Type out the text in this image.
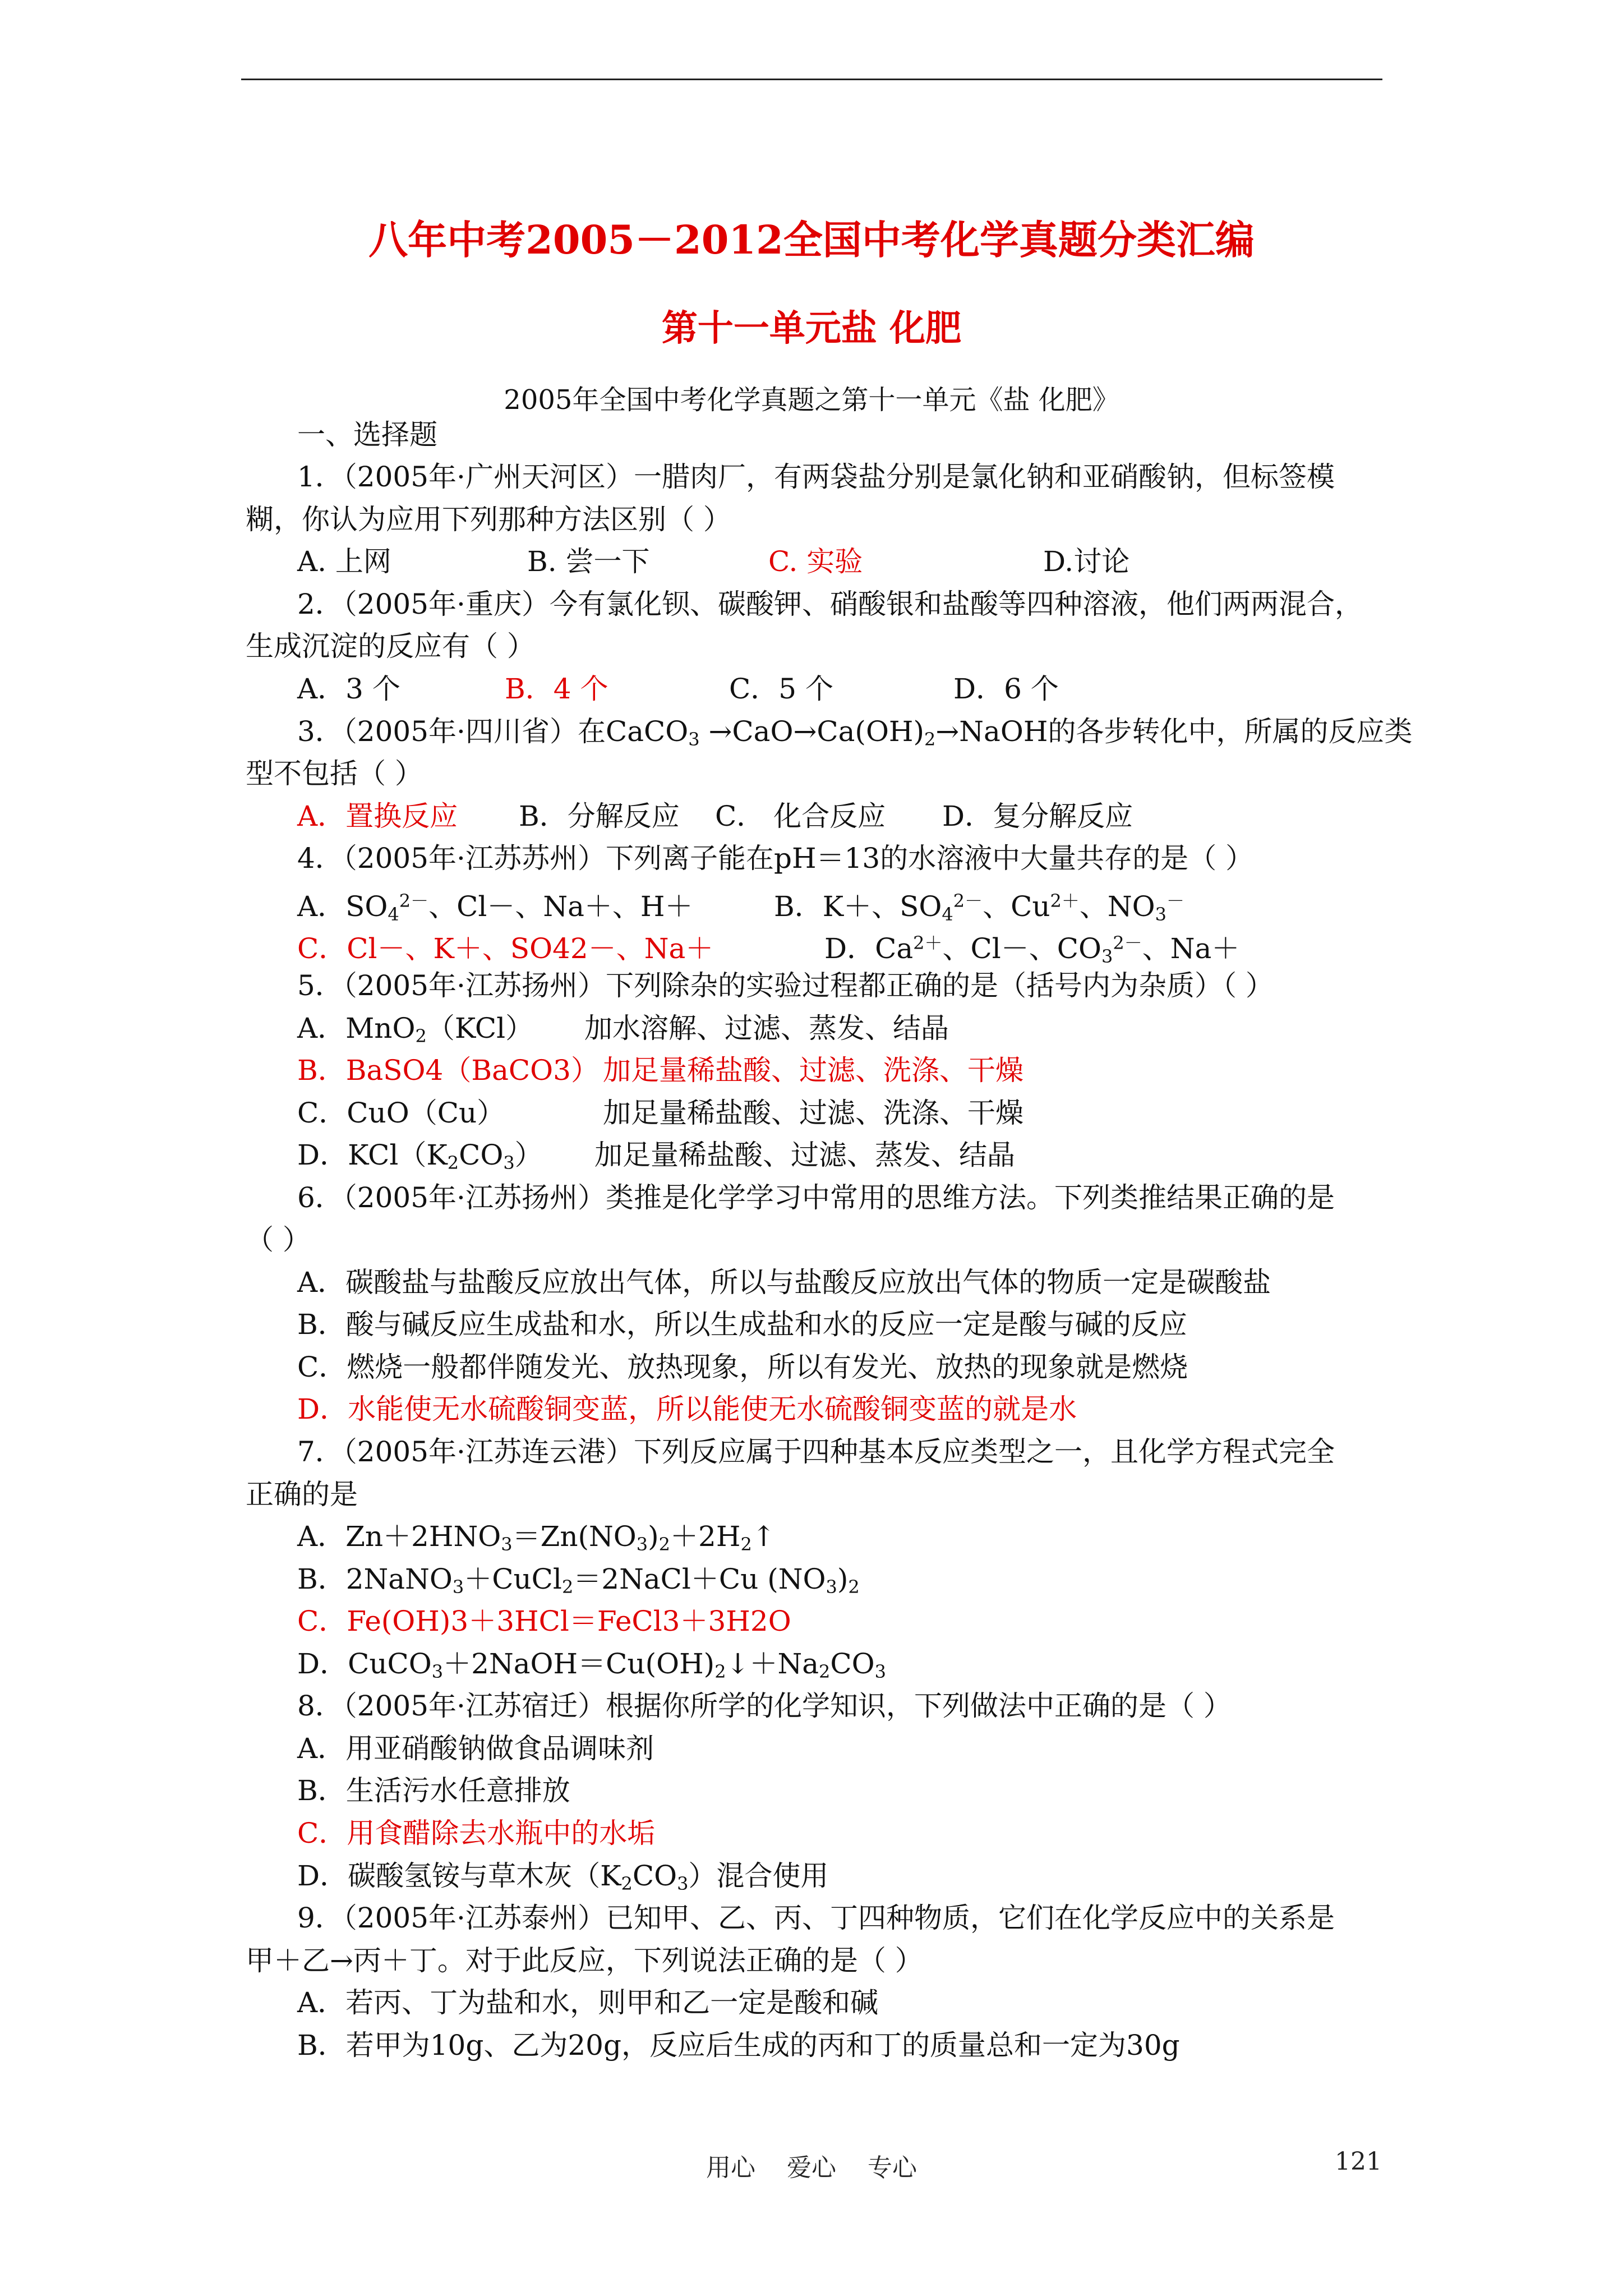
八年中考2005－2012全国中考化学真题分类汇编
第十一单元盐 化肥
2005年全国中考化学真题之第十一单元《盐 化肥》
一、选择题
1．（2005年·广州天河区）一腊肉厂，有两袋盐分别是氯化钠和亚硝酸钠，但标签模
糊，你认为应用下列那种方法区别（ ）
A. 上网	B. 尝一下	C. 实验	D.讨论
2．（2005年·重庆）今有氯化钡、碳酸钾、硝酸银和盐酸等四种溶液，他们两两混合，
生成沉淀的反应有（ ）
A．3 个	B．4 个	C．5 个	D．6 个
3．（2005年·四川省）在CaCO$_3$ $\to CaO\to Ca(OH)_2\to NaOH$的各步转化中，所属的反应类
型不包括（ ）
A．置换反应 B．分解反应 C． 化合反应 D．复分解反应
4．（2005年·江苏苏州）下列离子能在pH＝13的水溶液中大量共存的是（ ）
A．$SO_4^{2-}$、Cl－、Na＋、H＋	B．K＋、$SO_4^{2-}$、$Cu^{2+}$、$NO_3^-$
C．Cl－、K＋、SO42－、Na＋	D．$Ca^{2+}$、Cl－、$CO_3^{2-}$、Na＋
5．（2005年·江苏扬州）下列除杂的实验过程都正确的是（括号内为杂质）（ ）
A．MnO$_2$（KCl） 加水溶解、过滤、蒸发、结晶
B．BaSO4（BaCO3） 加足量稀盐酸、过滤、洗涤、干燥
C．CuO（Cu）	加足量稀盐酸、过滤、洗涤、干燥
D．$KCl(K_2CO_3)$ 加足量稀盐酸、过滤、蒸发、结晶
6．（2005年·江苏扬州）类推是化学学习中常用的思维方法。下列类推结果正确的是
（ ）
A．碳酸盐与盐酸反应放出气体，所以与盐酸反应放出气体的物质一定是碳酸盐
B．酸与碱反应生成盐和水，所以生成盐和水的反应一定是酸与碱的反应
C．燃烧一般都伴随发光、放热现象，所以有发光、放热的现象就是燃烧
D．水能使无水硫酸铜变蓝，所以能使无水硫酸铜变蓝的就是水
7．（2005年·江苏连云港）下列反应属于四种基本反应类型之一，且化学方程式完全
正确的是
A．$Zn+2HNO_3=Zn(NO_3)_2+2H_2↑$
B．2NaNO$_3$＋CuCl$_2$＝2NaCl＋Cu $(NO_3)_2$
C．Fe(OH)3＋3HCl＝FeCl3＋3H2O
D．$CuCO_3+2NaOH=Cu(OH)_2↓+Na_2CO_3$
8．（2005年·江苏宿迁）根据你所学的化学知识，下列做法中正确的是（ ）
A．用亚硝酸钠做食品调味剂
B．生活污水任意排放
C．用食醋除去水瓶中的水垢
D．碳酸氢铵与草木灰$(K_2CO_3)$混合使用
9．（2005年·江苏泰州）已知甲、乙、丙、丁四种物质，它们在化学反应中的关系是
甲＋乙→丙＋丁。对于此反应，下列说法正确的是（ ）
A．若丙、丁为盐和水，则甲和乙一定是酸和碱
B．若甲为10g、乙为20g，反应后生成的丙和丁的质量总和一定为30g
用心 爱心 专心	121
